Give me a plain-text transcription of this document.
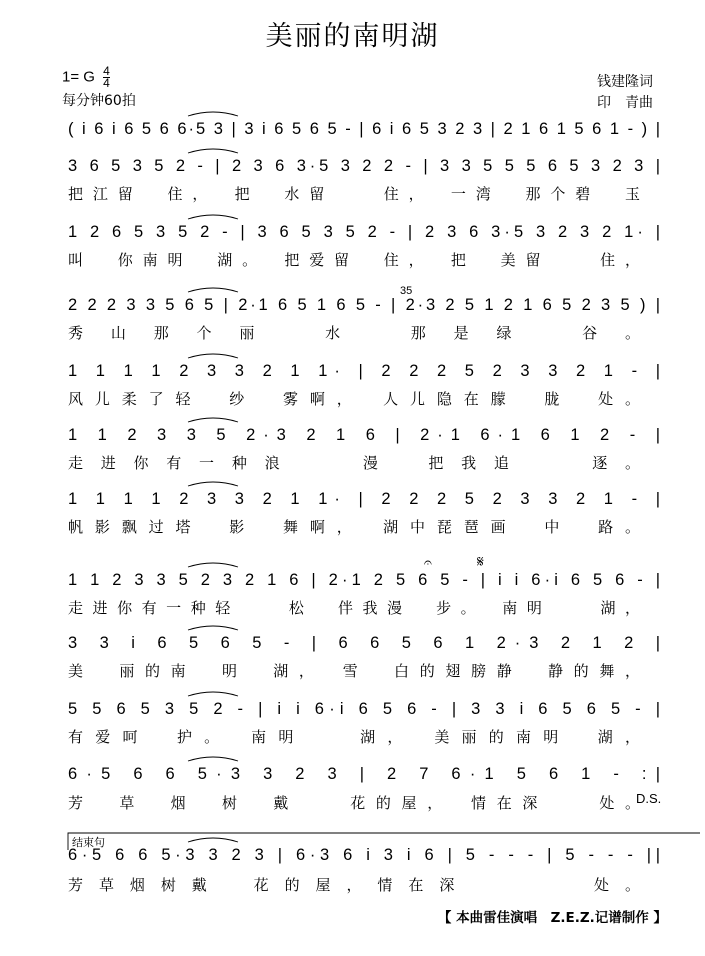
美丽的南明湖
1= G $\frac{4}{4}$
每分钟60拍
钱建隆词
印　青曲
( i 6 i 6 5 6 6·5 3 | 3 i 6 5 6 5 - | 6 i 6 5 3 2 3 | 2 1 6 1 5 6 1 - ) |
3 6 5 3 5 2 - | 2 3 6 3·5 3 2 2 - | 3 3 5 5 5 6 5 3 2 3 |
把江留　住，　把　水留　　住，　一湾　那个碧　玉
1 2 6 5 3 5 2 - | 3 6 5 3 5 2 - | 2 3 6 3·5 3 2 3 2 1· |
叫　你南明　湖。　把爱留　住，　把　美留　　住，
2 2 2 3 3 5 6 5 | 2·1 6 5 1 6 5 - | 2·3 2 5 1 2 1 6 5 2 3 5 ) |
秀山那个丽　水　那是绿　谷。
1 1 1 1 2 3 3 2 1 1· | 2 2 2 5 2 3 3 2 1 - |
风儿柔了轻　纱　雾啊，　人儿隐在朦　胧　处。
1 1 2 3 3 5 2·3 2 1 6 | 2·1 6·1 6 1 2 - |
走进你有一种浪　　漫　把我追　　逐。
1 1 1 1 2 3 3 2 1 1· | 2 2 2 5 2 3 3 2 1 - |
帆影飘过塔　影　舞啊，　湖中琵琶画　中　路。
1 1 2 3 3 5 2 3 2 1 6 | 2·1 2 5 6 5 - | i i 6·i 6 5 6 - |
走进你有一种轻　　松　伴我漫　步。　南明　　湖，
3 3 i 6 5 6 5 - | 6 6 5 6 1 2·3 2 1 2 |
美　丽的南　明　湖，　雪　白的翅膀静　静的舞，
5 5 6 5 3 5 2 - | i i 6·i 6 5 6 - | 3 3 i 6 5 6 5 - |
有爱呵　护。　南明　　湖，　美丽的南明　湖，
6·5 6 6 5·3 3 2 3 | 2 7 6·1 5 6 1 - :|
芳　草　烟　树　戴　　花的屋，　情在深　　处。
6·5 6 6 5·3 3 2 3 | 6·3 6 i 3 i 6 | 5 - - - | 5 - - - ||
芳草烟树戴　花的屋，情在深　　　　处。
35
D.S.
𝄋
𝄐
结束句
【 本曲雷佳演唱　Z.E.Z.记谱制作 】
